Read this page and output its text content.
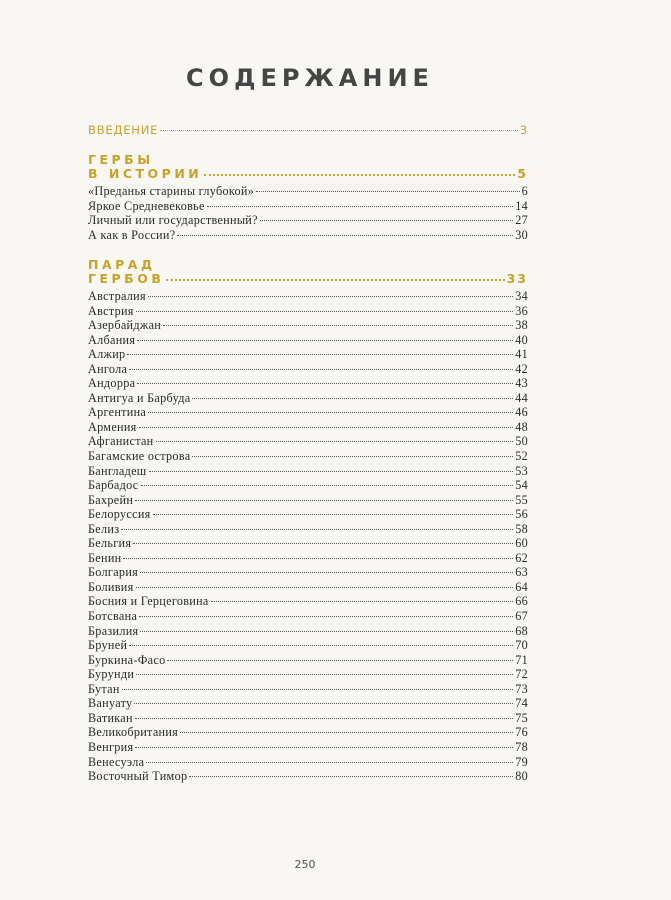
СОДЕРЖАНИЕ
ВВЕДЕНИЕ	3
ГЕРБЫ
В ИСТОРИИ	5
«Преданья старины глубокой»	6
Яркое Средневековье	14
Личный или государственный?	27
А как в России?	30
ПАРАД
ГЕРБОВ	33
Австралия	34
Австрия	36
Азербайджан	38
Албания	40
Алжир	41
Ангола	42
Андорра	43
Антигуа и Барбуда	44
Аргентина	46
Армения	48
Афганистан	50
Багамские острова	52
Бангладеш	53
Барбадос	54
Бахрейн	55
Белоруссия	56
Белиз	58
Бельгия	60
Бенин	62
Болгария	63
Боливия	64
Босния и Герцеговина	66
Ботсвана	67
Бразилия	68
Бруней	70
Буркина-Фасо	71
Бурунди	72
Бутан	73
Вануату	74
Ватикан	75
Великобритания	76
Венгрия	78
Венесуэла	79
Восточный Тимор	80
250
